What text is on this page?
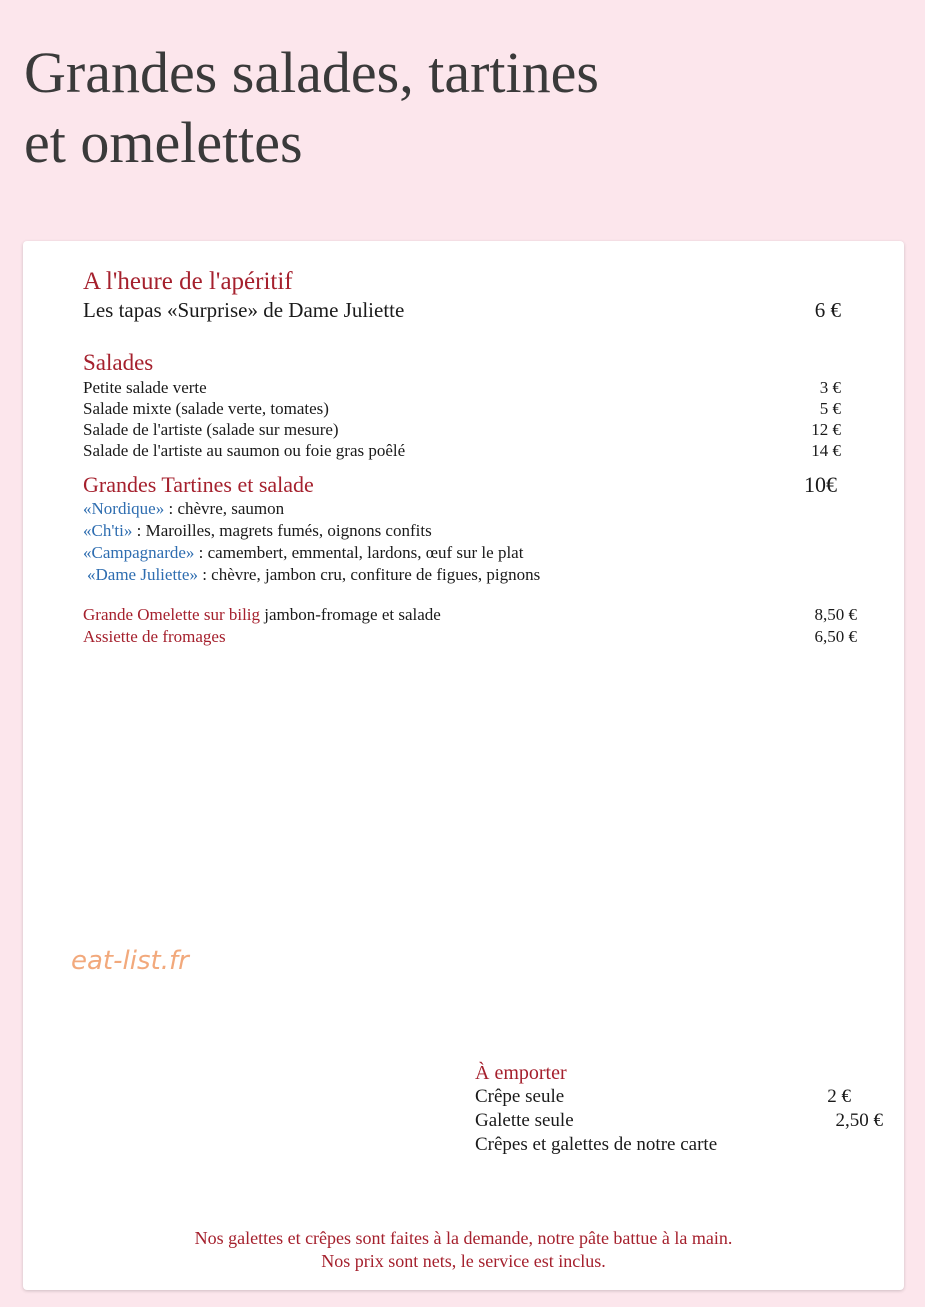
Grandes salades, tartines
et omelettes
A l'heure de l'apéritif
Les tapas «Surprise» de Dame Juliette	6 €
Salades
Petite salade verte	3 €
Salade mixte (salade verte, tomates)	5 €
Salade de l'artiste (salade sur mesure)	12 €
Salade de l'artiste au saumon ou foie gras poêlé	14 €
Grandes Tartines et salade	10€
«Nordique» : chèvre, saumon
«Ch'ti» : Maroilles, magrets fumés, oignons confits
«Campagnarde» : camembert, emmental, lardons, œuf sur le plat
«Dame Juliette» : chèvre, jambon cru, confiture de figues, pignons
Grande Omelette sur bilig jambon-fromage et salade	8,50 €
Assiette de fromages	6,50 €
eat-list.fr
À emporter
Crêpe seule	2 €
Galette seule	2,50 €
Crêpes et galettes de notre carte
Nos galettes et crêpes sont faites à la demande, notre pâte battue à la main.
Nos prix sont nets, le service est inclus.
